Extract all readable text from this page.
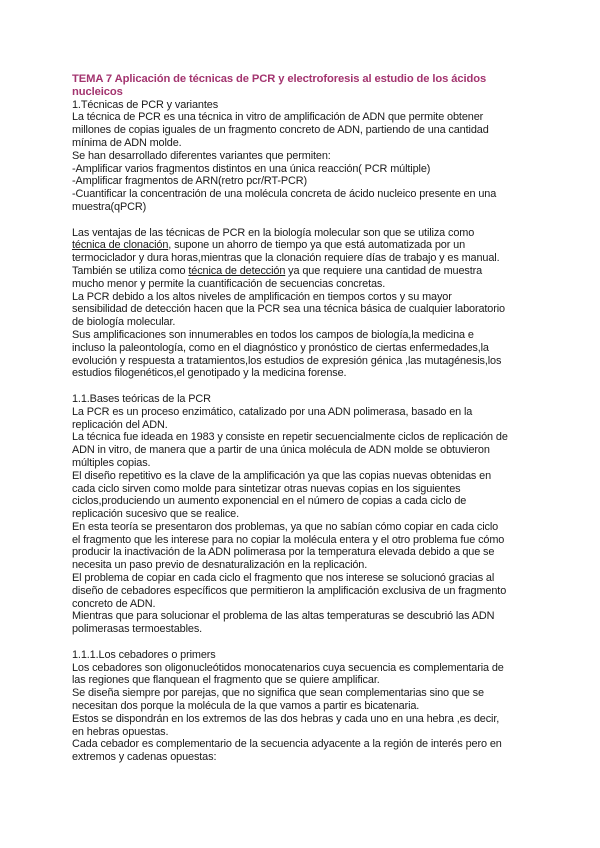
TEMA 7 Aplicación de técnicas de PCR y electroforesis al estudio de los ácidos
nucleicos
1.Técnicas de PCR y variantes
La técnica de PCR es una técnica in vitro de amplificación de ADN que permite obtener
millones de copias iguales de un fragmento concreto de ADN, partiendo de una cantidad
mínima de ADN molde.
Se han desarrollado diferentes variantes que permiten:
-Amplificar varios fragmentos distintos en una única reacción( PCR múltiple)
-Amplificar fragmentos de ARN(retro pcr/RT-PCR)
-Cuantificar la concentración de una molécula concreta de ácido nucleico presente en una
muestra(qPCR)
Las ventajas de las técnicas de PCR en la biología molecular son que se utiliza como
técnica de clonación, supone un ahorro de tiempo ya que está automatizada por un
termociclador y dura horas,mientras que la clonación requiere días de trabajo y es manual.
También se utiliza como técnica de detección ya que requiere una cantidad de muestra
mucho menor y permite la cuantificación de secuencias concretas.
La PCR debido a los altos niveles de amplificación en tiempos cortos y su mayor
sensibilidad de detección hacen que la PCR sea una técnica básica de cualquier laboratorio
de biología molecular.
Sus amplificaciones son innumerables en todos los campos de biología,la medicina e
incluso la paleontología, como en el diagnóstico y pronóstico de ciertas enfermedades,la
evolución y respuesta a tratamientos,los estudios de expresión génica ,las mutagénesis,los
estudios filogenéticos,el genotipado y la medicina forense.
1.1.Bases teóricas de la PCR
La PCR es un proceso enzimático, catalizado por una ADN polimerasa, basado en la
replicación del ADN.
La técnica fue ideada en 1983 y consiste en repetir secuencialmente ciclos de replicación de
ADN in vitro, de manera que a partir de una única molécula de ADN molde se obtuvieron
múltiples copias.
El diseño repetitivo es la clave de la amplificación ya que las copias nuevas obtenidas en
cada ciclo sirven como molde para sintetizar otras nuevas copias en los siguientes
ciclos,produciendo un aumento exponencial en el número de copias a cada ciclo de
replicación sucesivo que se realice.
En esta teoría se presentaron dos problemas, ya que no sabían cómo copiar en cada ciclo
el fragmento que les interese para no copiar la molécula entera y el otro problema fue cómo
producir la inactivación de la ADN polimerasa por la temperatura elevada debido a que se
necesita un paso previo de desnaturalización en la replicación.
El problema de copiar en cada ciclo el fragmento que nos interese se solucionó gracias al
diseño de cebadores específicos que permitieron la amplificación exclusiva de un fragmento
concreto de ADN.
Mientras que para solucionar el problema de las altas temperaturas se descubrió las ADN
polimerasas termoestables.
1.1.1.Los cebadores o primers
Los cebadores son oligonucleótidos monocatenarios cuya secuencia es complementaria de
las regiones que flanquean el fragmento que se quiere amplificar.
Se diseña siempre por parejas, que no significa que sean complementarias sino que se
necesitan dos porque la molécula de la que vamos a partir es bicatenaria.
Estos se dispondrán en los extremos de las dos hebras y cada uno en una hebra ,es decir,
en hebras opuestas.
Cada cebador es complementario de la secuencia adyacente a la región de interés pero en
extremos y cadenas opuestas:
